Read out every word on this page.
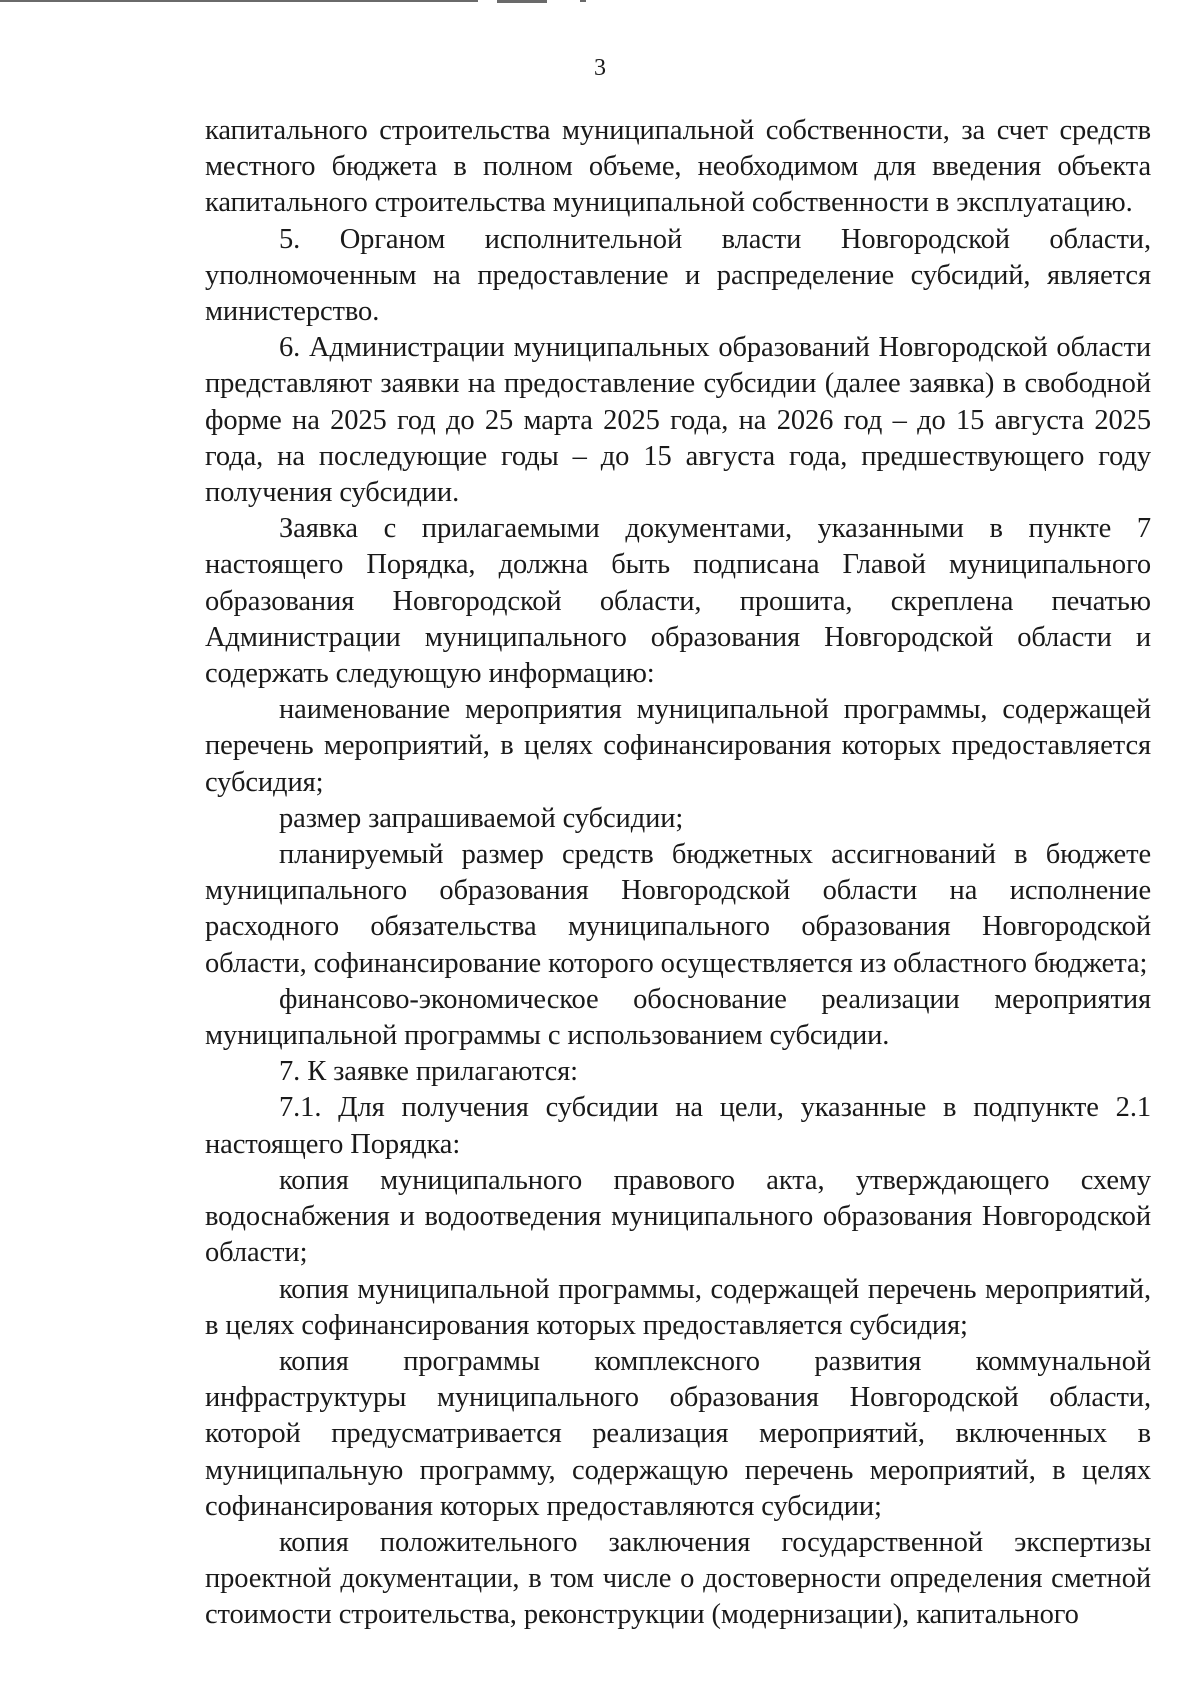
3

капитального строительства муниципальной собственности, за счет средств местного бюджета в полном объеме, необходимом для введения объекта капитального строительства муниципальной собственности в эксплуатацию.

5. Органом исполнительной власти Новгородской области, уполномоченным на предоставление и распределение субсидий, является министерство.

6. Администрации муниципальных образований Новгородской области представляют заявки на предоставление субсидии (далее заявка) в свободной форме на 2025 год до 25 марта 2025 года, на 2026 год – до 15 августа 2025 года, на последующие годы – до 15 августа года, предшествующего году получения субсидии.

Заявка с прилагаемыми документами, указанными в пункте 7 настоящего Порядка, должна быть подписана Главой муниципального образования Новгородской области, прошита, скреплена печатью Администрации муниципального образования Новгородской области и содержать следующую информацию:

наименование мероприятия муниципальной программы, содержащей перечень мероприятий, в целях софинансирования которых предоставляется субсидия;

размер запрашиваемой субсидии;

планируемый размер средств бюджетных ассигнований в бюджете муниципального образования Новгородской области на исполнение расходного обязательства муниципального образования Новгородской области, софинансирование которого осуществляется из областного бюджета;

финансово-экономическое обоснование реализации мероприятия муниципальной программы с использованием субсидии.

7. К заявке прилагаются:

7.1. Для получения субсидии на цели, указанные в подпункте 2.1 настоящего Порядка:

копия муниципального правового акта, утверждающего схему водоснабжения и водоотведения муниципального образования Новгородской области;

копия муниципальной программы, содержащей перечень мероприятий, в целях софинансирования которых предоставляется субсидия;

копия программы комплексного развития коммунальной инфраструктуры муниципального образования Новгородской области, которой предусматривается реализация мероприятий, включенных в муниципальную программу, содержащую перечень мероприятий, в целях софинансирования которых предоставляются субсидии;

копия положительного заключения государственной экспертизы проектной документации, в том числе о достоверности определения сметной стоимости строительства, реконструкции (модернизации), капитального
